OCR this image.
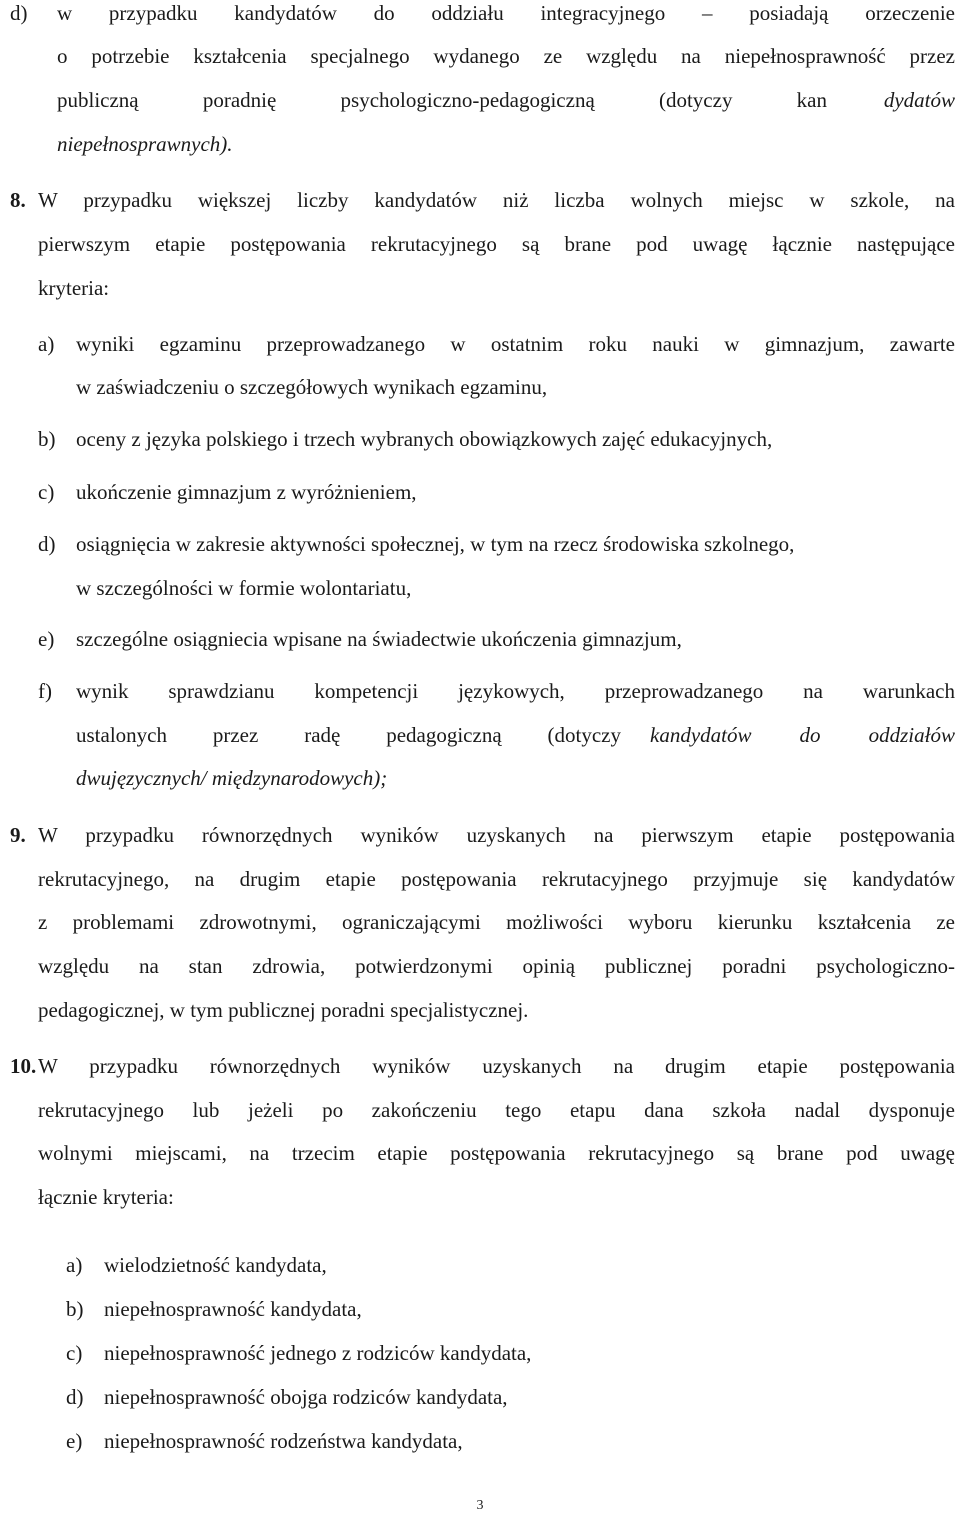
d) w przypadku kandydatów do oddziału integracyjnego – posiadają orzeczenie
o potrzebie kształcenia specjalnego wydanego ze względu na niepełnosprawność przez
publiczną poradnię psychologiczno-pedagogiczną (dotyczy kan	dydatów
niepełnosprawnych).
8. W przypadku większej liczby kandydatów niż liczba wolnych miejsc w szkole, na
pierwszym etapie postępowania rekrutacyjnego są brane pod uwagę łącznie następujące
kryteria:
a) wyniki egzaminu przeprowadzanego w ostatnim roku nauki w gimnazjum, zawarte
w zaświadczeniu o szczegółowych wynikach egzaminu,
b) oceny z języka polskiego i trzech wybranych obowiązkowych zajęć edukacyjnych,
c) ukończenie gimnazjum z wyróżnieniem,
d) osiągnięcia w zakresie aktywności społecznej, w tym na rzecz środowiska szkolnego,
w szczególności w formie wolontariatu,
e) szczególne osiągniecia wpisane na świadectwie ukończenia gimnazjum,
f) wynik sprawdzianu kompetencji językowych, przeprowadzanego na warunkach
ustalonych przez radę pedagogiczną (dotyczy kandydatów do oddziałów
dwujęzycznych/ międzynarodowych);
9. W przypadku równorzędnych wyników uzyskanych na pierwszym etapie postępowania
rekrutacyjnego, na drugim etapie postępowania rekrutacyjnego przyjmuje się kandydatów
z problemami zdrowotnymi, ograniczającymi możliwości wyboru kierunku kształcenia ze
względu na stan zdrowia, potwierdzonymi opinią publicznej poradni psychologiczno-
pedagogicznej, w tym publicznej poradni specjalistycznej.
10. W przypadku równorzędnych wyników uzyskanych na drugim etapie postępowania
rekrutacyjnego lub jeżeli po zakończeniu tego etapu dana szkoła nadal dysponuje
wolnymi miejscami, na trzecim etapie postępowania rekrutacyjnego są brane pod uwagę
łącznie kryteria:
a) wielodzietność kandydata,
b) niepełnosprawność kandydata,
c) niepełnosprawność jednego z rodziców kandydata,
d) niepełnosprawność obojga rodziców kandydata,
e) niepełnosprawność rodzeństwa kandydata,
3
